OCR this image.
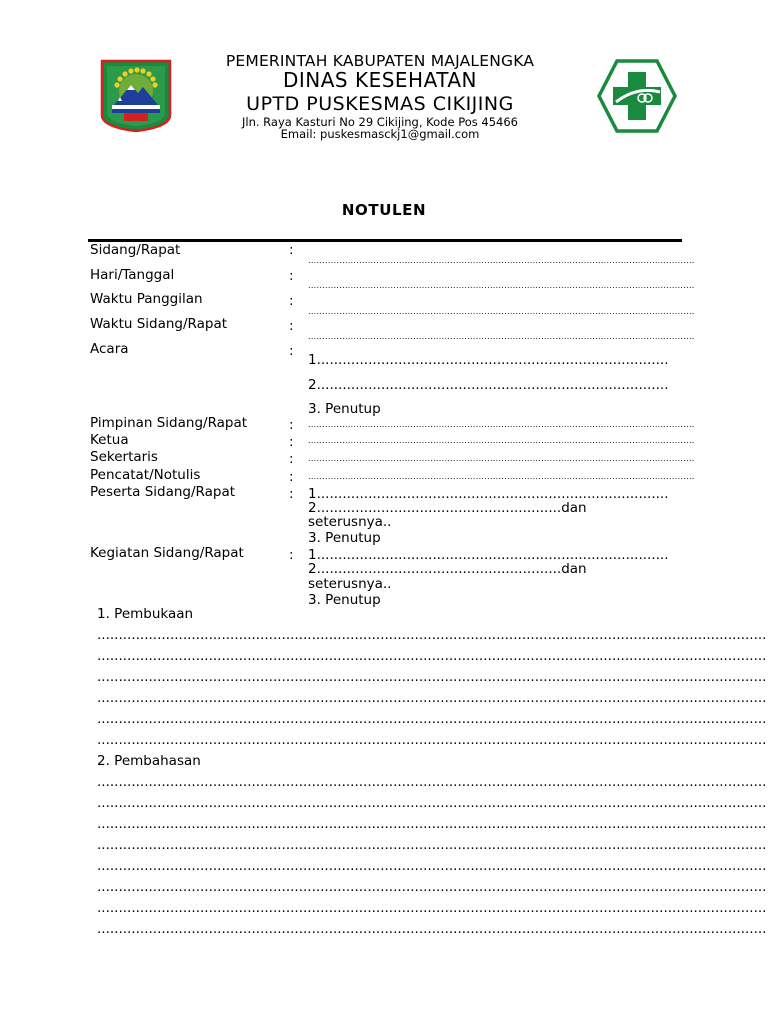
PEMERINTAH KABUPATEN MAJALENGKA
DINAS KESEHATAN
UPTD PUSKESMAS CIKIJING
Jln. Raya Kasturi No 29 Cikijing, Kode Pos 45466
Email: puskesmasckj1@gmail.com
NOTULEN
Sidang/Rapat
Hari/Tanggal
Waktu Panggilan
Waktu Sidang/Rapat
Acara
Pimpinan Sidang/Rapat
Ketua
Sekertaris
Pencatat/Notulis
Peserta Sidang/Rapat
Kegiatan Sidang/Rapat
:
:
:
:
:
:
:
:
:
:
:
........................................................................................................................................
........................................................................................................................................
........................................................................................................................................
........................................................................................................................................
1..................................................................................
2..................................................................................
3. Penutup
........................................................................................................................................
........................................................................................................................................
........................................................................................................................................
........................................................................................................................................
1..................................................................................
2.........................................................dan
seterusnya..
3. Penutup
1..................................................................................
2.........................................................dan
seterusnya..
3. Penutup
1. Pembukaan
............................................................................................................................................................
............................................................................................................................................................
............................................................................................................................................................
............................................................................................................................................................
............................................................................................................................................................
............................................................................................................................................................
2. Pembahasan
............................................................................................................................................................
............................................................................................................................................................
............................................................................................................................................................
............................................................................................................................................................
............................................................................................................................................................
............................................................................................................................................................
............................................................................................................................................................
............................................................................................................................................................
